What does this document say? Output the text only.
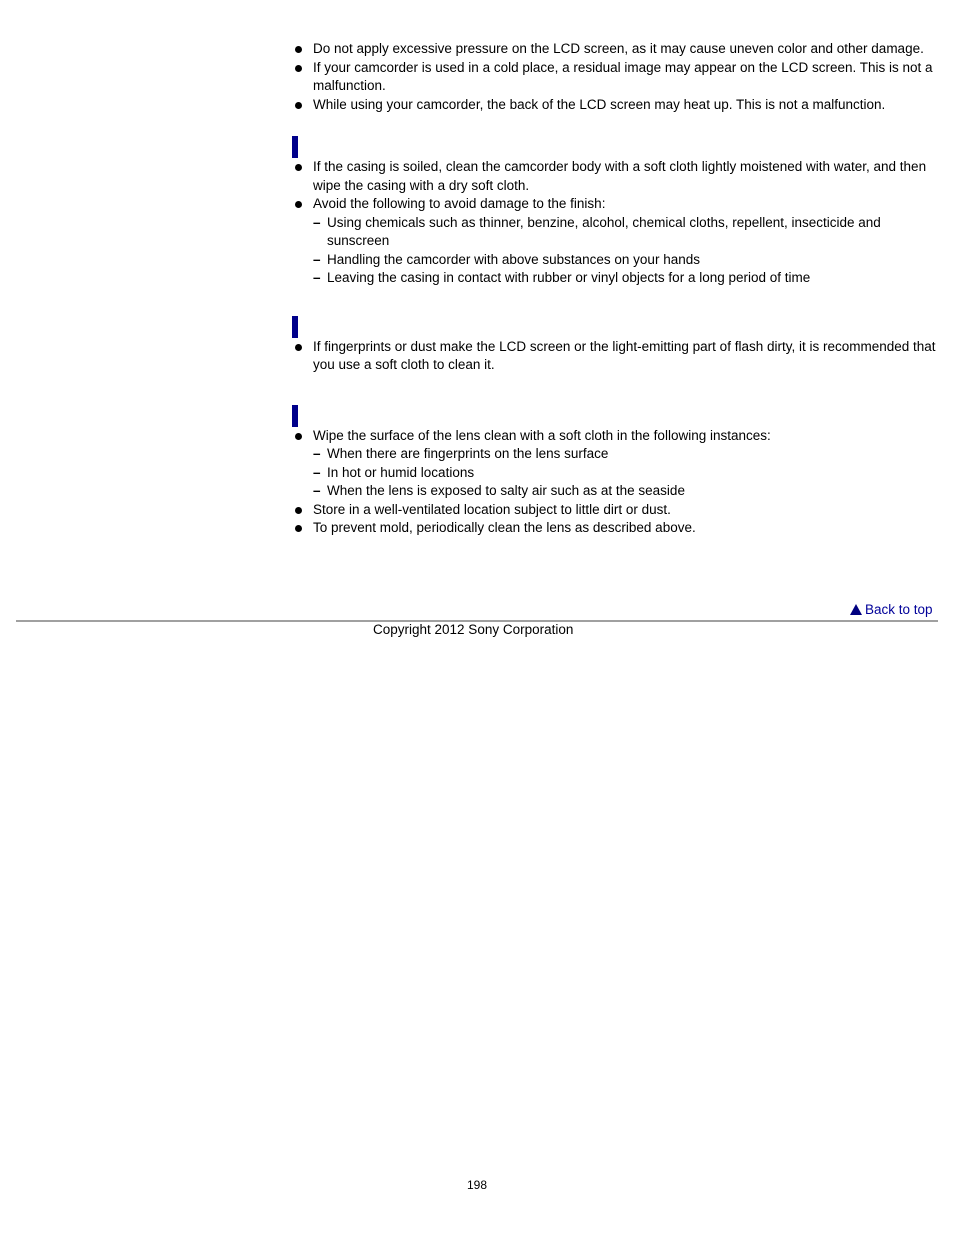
Do not apply excessive pressure on the LCD screen, as it may cause uneven color and other damage.
If your camcorder is used in a cold place, a residual image may appear on the LCD screen. This is not a malfunction.
While using your camcorder, the back of the LCD screen may heat up. This is not a malfunction.
If the casing is soiled, clean the camcorder body with a soft cloth lightly moistened with water, and then wipe the casing with a dry soft cloth.
Avoid the following to avoid damage to the finish:
– Using chemicals such as thinner, benzine, alcohol, chemical cloths, repellent, insecticide and sunscreen
– Handling the camcorder with above substances on your hands
– Leaving the casing in contact with rubber or vinyl objects for a long period of time
If fingerprints or dust make the LCD screen or the light-emitting part of flash dirty, it is recommended that you use a soft cloth to clean it.
Wipe the surface of the lens clean with a soft cloth in the following instances:
– When there are fingerprints on the lens surface
– In hot or humid locations
– When the lens is exposed to salty air such as at the seaside
Store in a well-ventilated location subject to little dirt or dust.
To prevent mold, periodically clean the lens as described above.
Back to top
Copyright 2012 Sony Corporation
198
